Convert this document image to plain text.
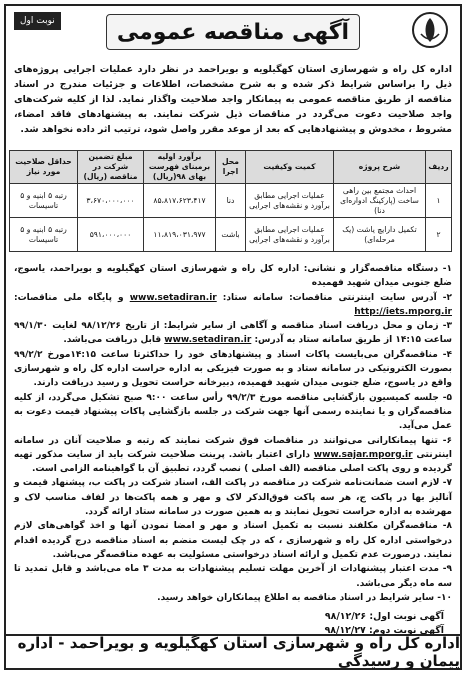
نوبت اول	آگهی مناقصه عمومی
اداره کل راه و شهرسازی استان کهگیلویه و بویراحمد در نظر دارد عملیات اجرایی پروژه‌های ذیل را براساس شرایط ذکر شده و به شرح مشخصات، اطلاعات و جزئیات مندرج در اسناد مناقصه از طریق مناقصه عمومی به پیمانکار واجد صلاحیت واگذار نماید. لذا از کلیه شرکت‌های واجد صلاحیت دعوت می‌گردد در مناقصات ذیل شرکت نمایند. به پیشنهادهای فاقد امضاء، مشروط ، مخدوش و پیشنهادهایی که بعد از موعد مقرر واصل شود، ترتیب اثر داده نخواهد شد.
ردیف	شرح پروژه	کمیت وکیفیت	محل اجرا	برآورد اولیه برمبنای فهرست بهای ۹۸(ریال)	مبلغ تضمین شرکت در مناقصه (ریال)	حداقل صلاحیت مورد نیاز
۱	احداث مجتمع بین راهی ساخت (پارکینگ ادواره‌ای دنا)	عملیات اجرایی مطابق برآورد و نقشه‌های اجرایی	دنا	۸۵،۸۱۷،۶۲۳،۴۱۷	۳،۶۷۰،۰۰۰،۰۰۰	رتبه ۵ ابنیه و ۵ تاسیسات
۲	تکمیل دارایچ یاشت (یک مرحله‌ای)	عملیات اجرایی مطابق برآورد و نقشه‌های اجرایی	باشت	۱۱،۸۱۹،۰۳۱،۹۷۷	۵۹۱،۰۰۰،۰۰۰	رتبه ۵ ابنیه و ۵ تاسیسات

۱- دستگاه مناقصه‌گزار و نشانی: اداره کل راه و شهرسازی استان کهگیلویه و بویراحمد، یاسوج، ضلع جنوبی میدان شهید فهمیده

۲- آدرس سایت اینترنتی مناقصات: سامانه ستاد: www.setadiran.ir و پایگاه ملی مناقصات: http://iets.mporg.ir

۳- زمان و محل دریافت اسناد مناقصه و آگاهی از سایر شرایط: از تاریخ ۹۸/۱۲/۲۶ لغایت ۹۹/۱/۳۰ ساعت ۱۴:۱۵ از طریق سامانه ستاد به آدرس: www.setadiran.ir قابل دریافت می‌باشد.

۴- مناقصه‌گران می‌بایست پاکات اسناد و پیشنهادهای خود را حداکثرتا ساعت ۱۴:۱۵مورخ ۹۹/۲/۲ بصورت الکترونیکی در سامانه ستاد و به صورت فیزیکی به اداره حراست اداره کل راه و شهرسازی واقع در یاسوج، ضلع جنوبی میدان شهید فهمیده، دبیرخانه حراست تحویل و رسید دریافت دارند.

۵- جلسه کمیسیون بازگشایی مناقصه مورخ ۹۹/۲/۳ رأس ساعت ۹:۰۰ صبح تشکیل می‌گردد، از کلیه مناقصه‌گران و یا نماینده رسمی آنها جهت شرکت در جلسه بازگشایی پاکات پیشنهاد قیمت دعوت به عمل می‌آید.

۶- تنها پیمانکارانی می‌توانند در مناقصات فوق شرکت نمایند که رتبه و صلاحیت آنان در سامانه اینترنتی www.sajar.mporg.ir دارای اعتبار باشد. پرینت صلاحیت شرکت باید از سایت مذکور تهیه گردیده و روی پاکت اصلی مناقصه (الف اصلی ) نصب گردد، تطبیق آن با گواهینامه الزامی است.

۷- لازم است ضمانت‌نامه شرکت در مناقصه در پاکت الف، اسناد شرکت در پاکت ب، پیشنهاد قیمت و آنالیز بها در پاکت ج، هر سه پاکت فوق‌الذکر لاک و مهر و همه پاکت‌ها در لفاف مناسب لاک و مهرشده به اداره حراست تحویل نمایند و به همین صورت در سامانه ستاد ارائه گردد.

۸- مناقصه‌گران مکلفند نسبت به تکمیل اسناد و مهر و امضا نمودن آنها و اخذ گواهی‌های لازم درخواستی اداره کل راه و شهرسازی ، که در چک لیست منضم به اسناد مناقصه درج گردیده اقدام نمایند. درصورت عدم تکمیل و ارائه اسناد درخواستی مسئولیت به عهده مناقصه‌گر می‌باشد.

۹- مدت اعتبار پیشنهادات از آخرین مهلت تسلیم پیشنهادات به مدت ۳ ماه می‌باشد و قابل تمدید تا سه ماه دیگر می‌باشد.

۱۰- سایر شرایط در اسناد مناقصه به اطلاع پیمانکاران خواهد رسید.

آگهی نوبت اول: ۹۸/۱۲/۲۶
آگهی نوبت دوم: ۹۸/۱۲/۲۷
اداره کل راه و شهرسازی استان کهگیلویه و بویراحمد - اداره پیمان و رسیدگی
